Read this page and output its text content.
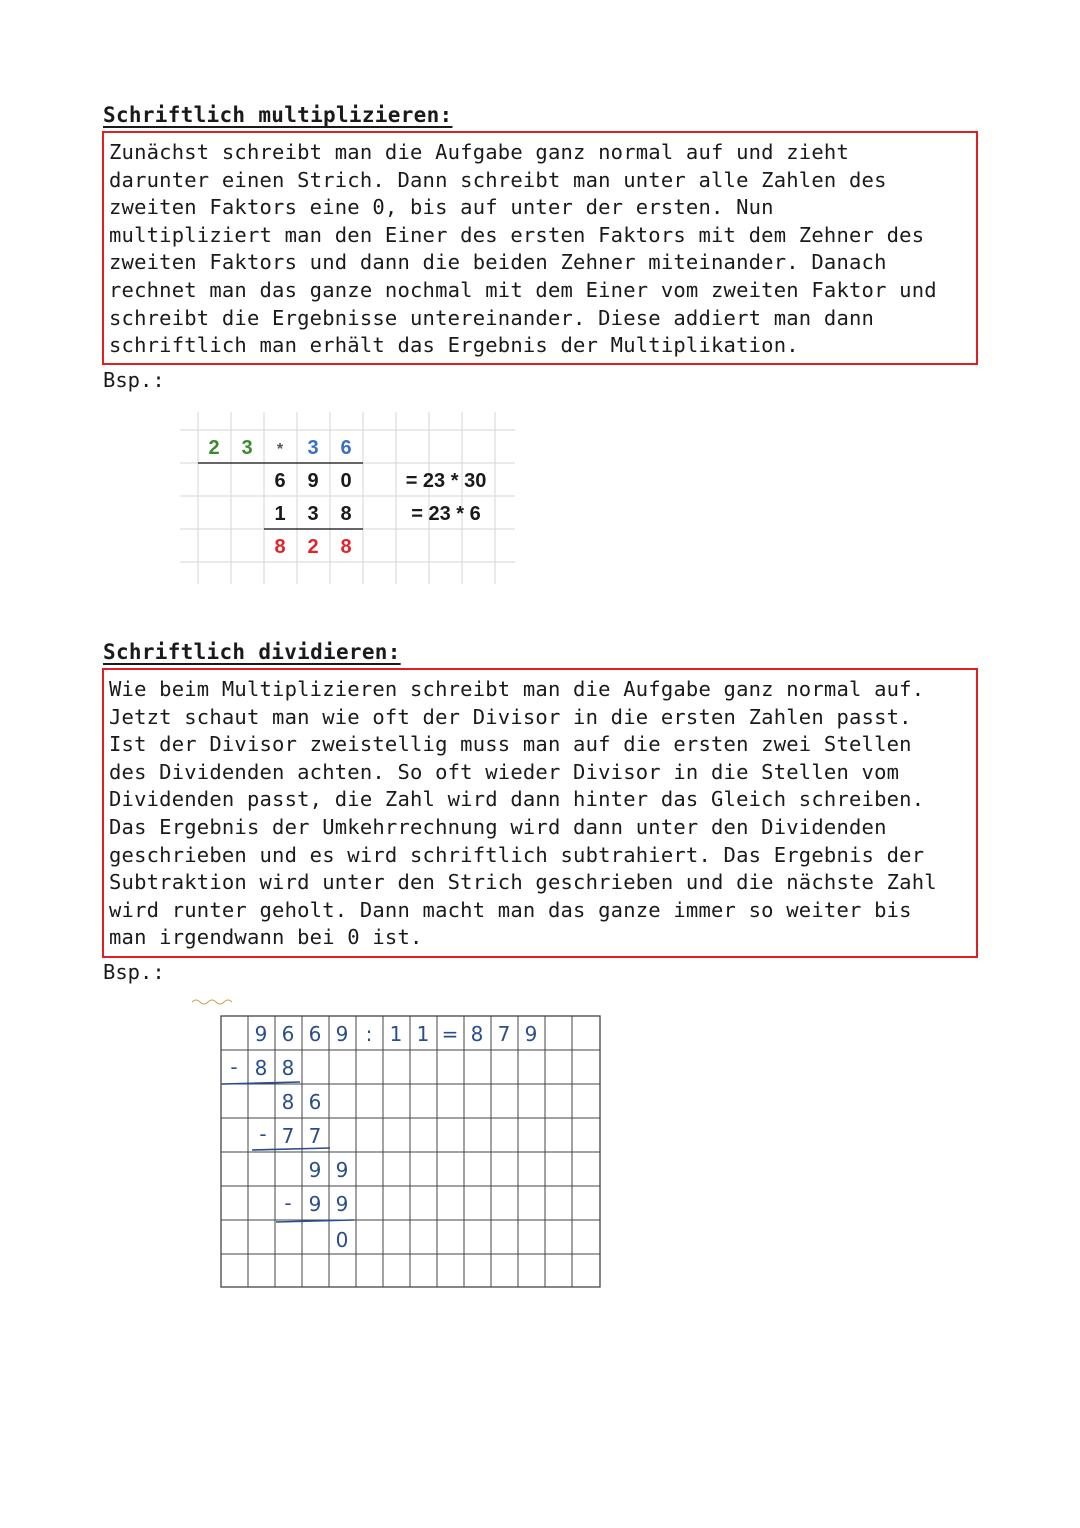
Schriftlich multiplizieren:

Zunächst schreibt man die Aufgabe ganz normal auf und zieht

darunter einen Strich. Dann schreibt man unter alle Zahlen des

zweiten Faktors eine 0, bis auf unter der ersten. Nun

multipliziert man den Einer des ersten Faktors mit dem Zehner des

zweiten Faktors und dann die beiden Zehner miteinander. Danach

rechnet man das ganze nochmal mit dem Einer vom zweiten Faktor und

schreibt die Ergebnisse untereinander. Diese addiert man dann

schriftlich man erhält das Ergebnis der Multiplikation.

Bsp.:
2 3 * 3 6
6 9 0	= 23 * 30
1 3 8	= 23 * 6
8 2 8
Schriftlich dividieren:

Wie beim Multiplizieren schreibt man die Aufgabe ganz normal auf.

Jetzt schaut man wie oft der Divisor in die ersten Zahlen passt.

Ist der Divisor zweistellig muss man auf die ersten zwei Stellen

des Dividenden achten. So oft wieder Divisor in die Stellen vom

Dividenden passt, die Zahl wird dann hinter das Gleich schreiben.

Das Ergebnis der Umkehrrechnung wird dann unter den Dividenden

geschrieben und es wird schriftlich subtrahiert. Das Ergebnis der

Subtraktion wird unter den Strich geschrieben und die nächste Zahl

wird runter geholt. Dann macht man das ganze immer so weiter bis

man irgendwann bei 0 ist.

Bsp.:
9 6 6 9 : 1 1 = 8 7 9
- 8 8
8 6
- 7 7
9 9
- 9 9
0
